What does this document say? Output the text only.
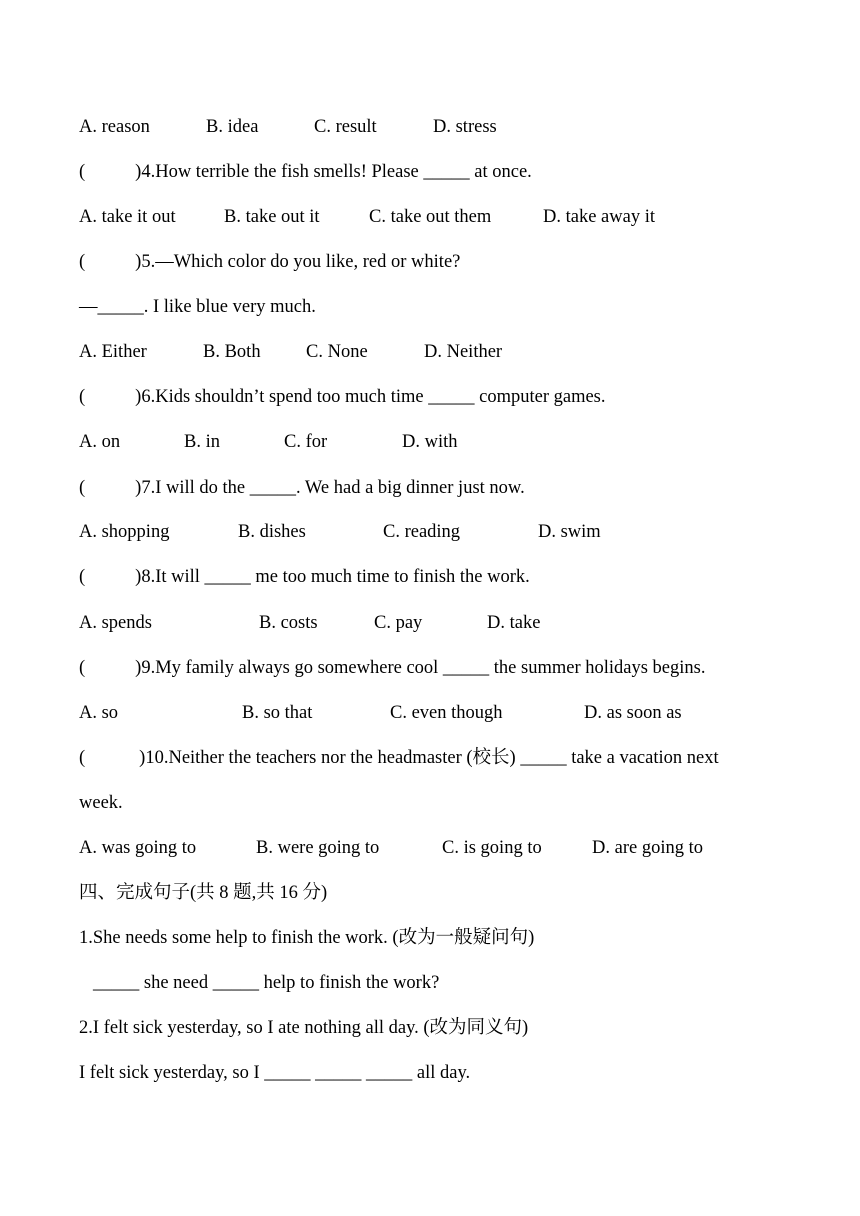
A. reason	B. idea	C. result	D. stress
(	)4.How terrible the fish smells! Please _____ at once.
A. take it out	B. take out it	C. take out them	D. take away it
(	)5.—Which color do you like, red or white?
—_____. I like blue very much.
A. Either	B. Both C. None	D. Neither
(	)6.Kids shouldn’t spend too much time _____ computer games.
A. on	B. in	C. for	D. with
(	)7.I will do the _____. We had a big dinner just now.
A. shopping	B. dishes	C. reading	D. swim
(	)8.It will _____ me too much time to finish the work.
A. spends	B. costs	C. pay	D. take
(	)9.My family always go somewhere cool _____ the summer holidays begins.
A. so	B. so that	C. even though	D. as soon as
(	)10.Neither the teachers nor the headmaster (校长) _____ take a vacation next
week.
A. was going to	B. were going to	C. is going to	D. are going to
四、完成句子(共 8 题,共 16 分)
1.She needs some help to finish the work. (改为一般疑问句)
_____ she need _____ help to finish the work?
2.I felt sick yesterday, so I ate nothing all day. (改为同义句)
I felt sick yesterday, so I _____ _____ _____ all day.
